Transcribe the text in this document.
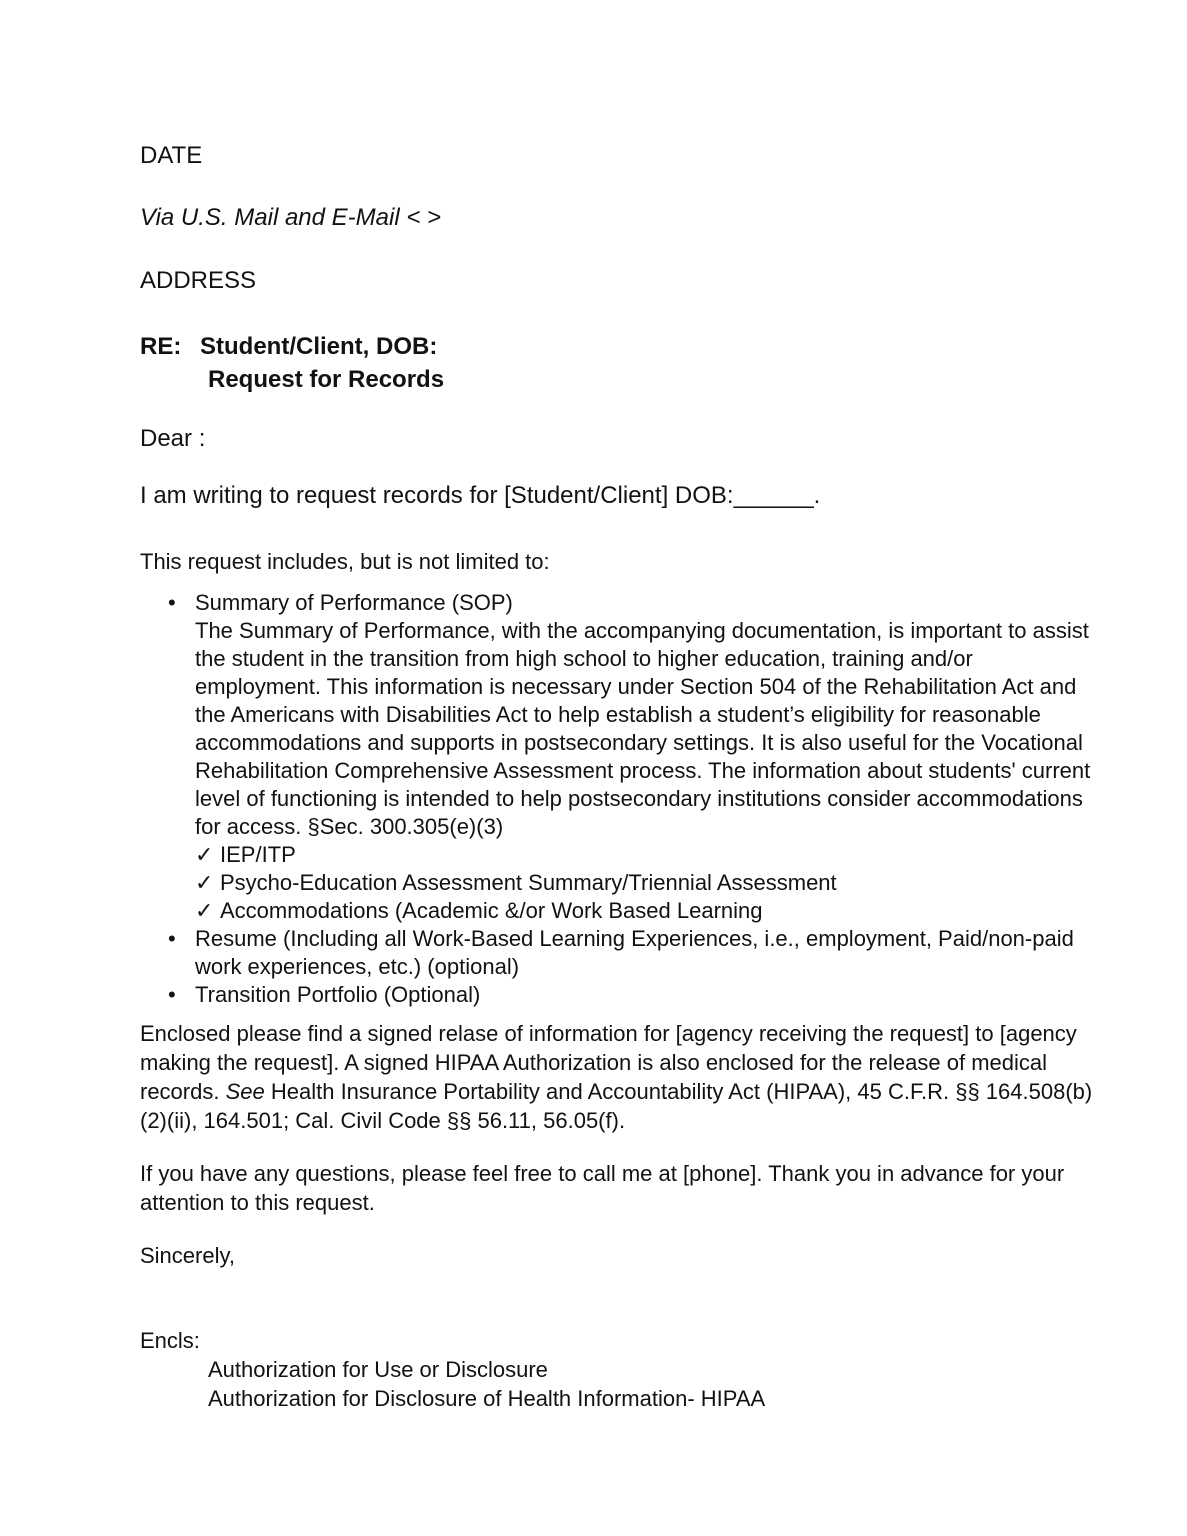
DATE

Via U.S. Mail and E-Mail < >

ADDRESS

RE: Student/Client, DOB:
Request for Records

Dear :

I am writing to request records for [Student/Client] DOB:______.

This request includes, but is not limited to:

• Summary of Performance (SOP)
The Summary of Performance, with the accompanying documentation, is important to assist the student in the transition from high school to higher education, training and/or employment. This information is necessary under Section 504 of the Rehabilitation Act and the Americans with Disabilities Act to help establish a student’s eligibility for reasonable accommodations and supports in postsecondary settings. It is also useful for the Vocational Rehabilitation Comprehensive Assessment process. The information about students' current level of functioning is intended to help postsecondary institutions consider accommodations for access. §Sec. 300.305(e)(3)
✓ IEP/ITP
✓ Psycho-Education Assessment Summary/Triennial Assessment
✓ Accommodations (Academic &/or Work Based Learning
• Resume (Including all Work-Based Learning Experiences, i.e., employment, Paid/non-paid work experiences, etc.) (optional)
• Transition Portfolio (Optional)

Enclosed please find a signed relase of information for [agency receiving the request] to [agency making the request]. A signed HIPAA Authorization is also enclosed for the release of medical records. See Health Insurance Portability and Accountability Act (HIPAA), 45 C.F.R. §§ 164.508(b)(2)(ii), 164.501; Cal. Civil Code §§ 56.11, 56.05(f).

If you have any questions, please feel free to call me at [phone]. Thank you in advance for your attention to this request.

Sincerely,

Encls:

Authorization for Use or Disclosure

Authorization for Disclosure of Health Information- HIPAA
